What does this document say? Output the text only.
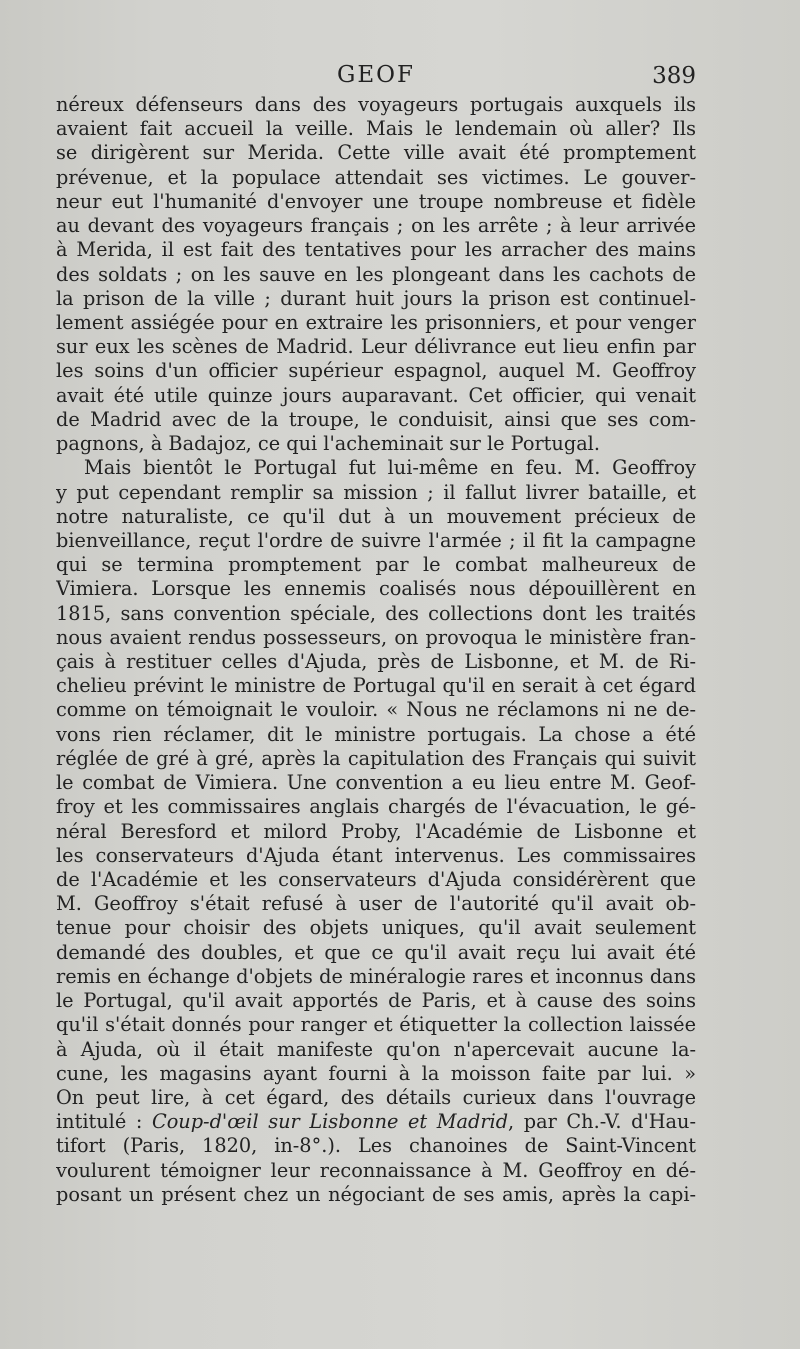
GEOF	389
néreux défenseurs dans des voyageurs portugais auxquels ils
avaient fait accueil la veille. Mais le lendemain où aller? Ils
se dirigèrent sur Merida. Cette ville avait été promptement
prévenue, et la populace attendait ses victimes. Le gouver-
neur eut l'humanité d'envoyer une troupe nombreuse et fidèle
au devant des voyageurs français ; on les arrête ; à leur arrivée
à Merida, il est fait des tentatives pour les arracher des mains
des soldats ; on les sauve en les plongeant dans les cachots de
la prison de la ville ; durant huit jours la prison est continuel-
lement assiégée pour en extraire les prisonniers, et pour venger
sur eux les scènes de Madrid. Leur délivrance eut lieu enfin par
les soins d'un officier supérieur espagnol, auquel M. Geoffroy
avait été utile quinze jours auparavant. Cet officier, qui venait
de Madrid avec de la troupe, le conduisit, ainsi que ses com-
pagnons, à Badajoz, ce qui l'acheminait sur le Portugal.
Mais bientôt le Portugal fut lui-même en feu. M. Geoffroy
y put cependant remplir sa mission ; il fallut livrer bataille, et
notre naturaliste, ce qu'il dut à un mouvement précieux de
bienveillance, reçut l'ordre de suivre l'armée ; il fit la campagne
qui se termina promptement par le combat malheureux de
Vimiera. Lorsque les ennemis coalisés nous dépouillèrent en
1815, sans convention spéciale, des collections dont les traités
nous avaient rendus possesseurs, on provoqua le ministère fran-
çais à restituer celles d'Ajuda, près de Lisbonne, et M. de Ri-
chelieu prévint le ministre de Portugal qu'il en serait à cet égard
comme on témoignait le vouloir. « Nous ne réclamons ni ne de-
vons rien réclamer, dit le ministre portugais. La chose a été
réglée de gré à gré, après la capitulation des Français qui suivit
le combat de Vimiera. Une convention a eu lieu entre M. Geof-
froy et les commissaires anglais chargés de l'évacuation, le gé-
néral Beresford et milord Proby, l'Académie de Lisbonne et
les conservateurs d'Ajuda étant intervenus. Les commissaires
de l'Académie et les conservateurs d'Ajuda considérèrent que
M. Geoffroy s'était refusé à user de l'autorité qu'il avait ob-
tenue pour choisir des objets uniques, qu'il avait seulement
demandé des doubles, et que ce qu'il avait reçu lui avait été
remis en échange d'objets de minéralogie rares et inconnus dans
le Portugal, qu'il avait apportés de Paris, et à cause des soins
qu'il s'était donnés pour ranger et étiquetter la collection laissée
à Ajuda, où il était manifeste qu'on n'apercevait aucune la-
cune, les magasins ayant fourni à la moisson faite par lui. »
On peut lire, à cet égard, des détails curieux dans l'ouvrage
intitulé : Coup-d'œil sur Lisbonne et Madrid, par Ch.-V. d'Hau-
tifort (Paris, 1820, in-8°.). Les chanoines de Saint-Vincent
voulurent témoigner leur reconnaissance à M. Geoffroy en dé-
posant un présent chez un négociant de ses amis, après la capi-
